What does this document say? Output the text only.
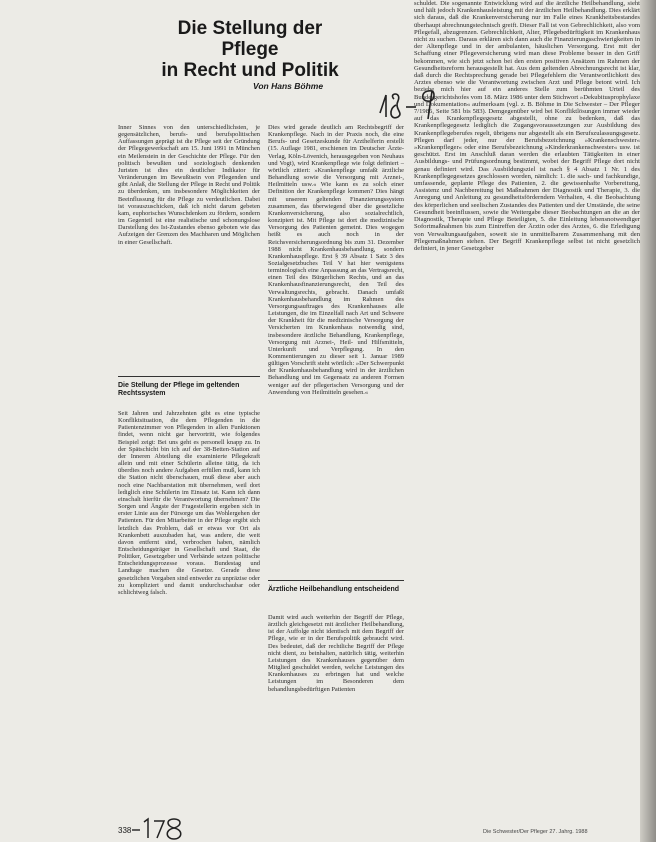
Die Stellung der Pflege
in Recht und Politik
Von Hans Böhme
Inner Sinnes von den unterschiedlichsten, je gegensätzlichen, berufs- und berufspolitischen Auffassungen geprägt ist die Pflege seit der Gründung der Pflegegewerkschaft am 15. Juni 1991 in München ein Meilenstein in der Geschichte der Pflege. Für den politisch bewußten und soziologisch denkenden Juristen ist dies ein deutlicher Indikator für Veränderungen im Bewußtsein von Pflegenden und gibt Anlaß, die Stellung der Pflege in Recht und Politik zu überdenken, um insbesondere Möglichkeiten der Beeinflussung für die Pflege zu verdeutlichen. Dabei ist vorauszuschicken, daß ich nicht darum gebeten kam, euphorisches Wunschdenken zu fördern, sondern im Gegenteil ist eine realistische und schonungslose Darstellung des Ist-Zustandes ebenso geboten wie das Aufzeigen der Grenzen des Machbaren und Möglichen in einer Gesellschaft.
Die Stellung der Pflege im geltenden Rechtssystem
Seit Jahren und Jahrzehnten gibt es eine typische Konfliktsituation, die dem Pflegenden in die Patientenzimmer von Pflegenden in allen Funktionen findet, wenn nicht gar hervortritt, wie folgendes Beispiel zeigt: Bei uns geht es personell knapp zu. In der Spätschicht bin ich auf der 38-Betten-Station auf der Inneren Abteilung die examinierte Pflegekraft allein und mit einer Schülerin alleine tätig, da ich überdies noch andere Aufgaben erfüllen muß, kann ich die Station nicht überschauen, muß diese aber auch noch eine Nachbarstation mit übernehmen, weil dort lediglich eine Schülerin im Einsatz ist. Kann ich dann einschalt hierfür die Verantwortung übernehmen? Die Sorgen und Ängste der Fragestellerin ergeben sich in erster Linie aus der Fürsorge um das Wohlergehen der Patienten. Für den Mitarbeiter in der Pflege ergibt sich letztlich das Problem, daß er etwas vor Ort als Krankenbett auszubaden hat, was andere, die weit davon entfernt sind, verbrochen haben, nämlich Entscheidungsträger in Gesellschaft und Staat, die Politiker, Gesetzgeber und Verbände setzen politische Entscheidungsprozesse voraus. Bundestag und Landtage machen die Gesetze. Gerade diese gesetzlichen Vorgaben sind entweder zu unpräzise oder zu kompliziert und damit undurchschaubar oder schlichtweg falsch.
Dies wird gerade deutlich am Rechtsbegriff der Krankenpflege. Nach in der Praxis noch, die eine Berufs- und Gesetzeskunde für Arzthelferin erstellt (15. Auflage 1981, erschienen im Deutscher Ärzte-Verlag, Köln-Lövenich, herausgegeben von Neuhaus und Vogt), wird Krankenpflege wie folgt definiert – wörtlich zitiert: »Krankenpflege umfaßt ärztliche Behandlung sowie die Versorgung mit Arznei-, Heilmitteln usw.« Wie kann es zu solch einer Definition der Krankenpflege kommen? Dies hängt mit unserem geltenden Finanzierungssystem zusammen, das überwiegend über die gesetzliche Krankenversicherung, also sozialrechtlich, konzipiert ist. Mit Pflege ist dort die medizinische Versorgung des Patienten gemeint. Dies wogegen heißt es auch noch in der Reichsversicherungsordnung bis zum 31. Dezember 1988 nicht Krankenhausbehandlung, sondern Krankenhauspflege. Erst § 39 Absatz 1 Satz 3 des Sozialgesetzbuches Teil V hat hier wenigstens terminologisch eine Anpassung an das Vertragsrecht, einen Teil des Bürgerlichen Rechts, und an das Krankenhausfinanzierungsrecht, den Teil des Verwaltungsrechts, gebracht. Danach umfaßt Krankenhausbehandlung im Rahmen des Versorgungsauftrages des Krankenhauses alle Leistungen, die im Einzelfall nach Art und Schwere der Krankheit für die medizinische Versorgung der Versicherten im Krankenhaus notwendig sind, insbesondere ärztliche Behandlung, Krankenpflege, Versorgung mit Arznei-, Heil- und Hilfsmitteln, Unterkunft und Verpflegung. In den Kommentierungen zu dieser seit 1. Januar 1989 gültigen Vorschrift steht wörtlich: »Der Schwerpunkt der Krankenhausbehandlung wird in der ärztlichen Behandlung und im Gegensatz zu anderen Formen weniger auf der pflegerischen Versorgung und der Anwendung von Heilmitteln gesehen.«
Ärztliche Heilbehandlung entscheidend
Damit wird auch weiterhin der Begriff der Pflege, ärztlich gleichgesetzt mit ärztlicher Heilbehandlung, ist der Auffolge nicht identisch mit dem Begriff der Pflege, wie er in der Berufspolitik gebraucht wird. Des bedeutet, daß der rechtliche Begriff der Pflege nicht dient, zu beinhalten, natürlich tätig, weiterhin Leistungen des Krankenhauses gegenüber dem Mitglied geschuldet werden, welche Leistungen des Krankenhauses zu erbringen hat und welche Leistungen im Besonderen dem behandlungsbedürftigen Patienten
schuldet. Die sogenannte Entwicklung wird auf die ärztliche Heilbehandlung, sieht und hält jedoch Krankenhausleistung mit der ärztlichen Heilbehandlung. Dies erklärt sich daraus, daß die Krankenversicherung nur im Falle eines Krankheitsbestandes überhaupt abrechnungstechnisch greift. Dieser Fall ist von Gebrechlichkeit, also vom Pflegefall, abzugrenzen. Gebrechlichkeit, Alter, Pflegebedürftigkeit im Krankenhaus nicht zu suchen. Daraus erklären sich dann auch die Finanzierungsschwierigkeiten in der Altenpflege und in der ambulanten, häuslichen Versorgung. Erst mit der Schaffung einer Pflegeversicherung wird man diese Probleme besser in den Griff bekommen, wie sich jetzt schon bei den ersten positiven Ansätzen im Rahmen der Gesundheitsreform herausgestellt hat. Aus dem geltenden Abrechnungsrecht ist klar, daß durch die Rechtsprechung gerade bei Pflegefehlern die Verantwortlichkeit des Arztes ebenso wie die Verantwortung zwischen Arzt und Pflege betont wird. Ich beziehe mich hier auf ein anderes Stelle zum berühmten Urteil des Bundesgerichtshofes vom 18. März 1986 unter dem Stichwort »Dekubitusprophylaxe und Dokumentation« aufmerksam (vgl. z. B. Böhme in Die Schwester – Der Pfleger 7/1986, Seite 581 bis 583). Demgegenüber wird bei Konfliktlösungen immer wieder auf das Krankenpflegegesetz abgestellt, ohne zu bedenken, daß das Krankenpflegegesetz lediglich die Zugangsvoraussetzungen zur Ausbildung des Krankenpflegeberufes regelt, übrigens nur abgestellt als ein Berufszulassungsgesetz. Pflegen darf jeder, nur der Berufsbezeichnung »Krankenschwester« »Krankenpfleger« oder eine Berufsbezeichnung »Kinderkrankenschwester« usw. ist geschützt. Erst im Anschluß daran werden die erlaubten Tätigkeiten in einer Ausbildungs- und Prüfungsordnung bestimmt, wobei der Begriff Pflege dort nicht genau definiert wird. Das Ausbildungsziel ist nach § 4 Absatz 1 Nr. 1 des Krankenpflegegesetzes geschlossen worden, nämlich: 1. die sach- und fachkundige, umfassende, geplante Pflege des Patienten, 2. die gewissenhafte Vorbereitung, Assistenz und Nachbereitung bei Maßnahmen der Diagnostik und Therapie, 3. die Anregung und Anleitung zu gesundheitsförderndem Verhalten, 4. die Beobachtung des körperlichen und seelischen Zustandes des Patienten und der Umstände, die seine Gesundheit beeinflussen, sowie die Weitergabe dieser Beobachtungen an die an der Diagnostik, Therapie und Pflege Beteiligten, 5. die Einleitung lebensnotwendiger Sofortmaßnahmen bis zum Eintreffen der Ärztin oder des Arztes, 6. die Erledigung von Verwaltungsaufgaben, soweit sie in unmittelbarem Zusammenhang mit den Pflegemaßnahmen stehen. Der Begriff Krankenpflege selbst ist nicht gesetzlich definiert, in jener Gesetzgeber
338	Die Schwester/Der Pfleger 27. Jahrg. 1988
